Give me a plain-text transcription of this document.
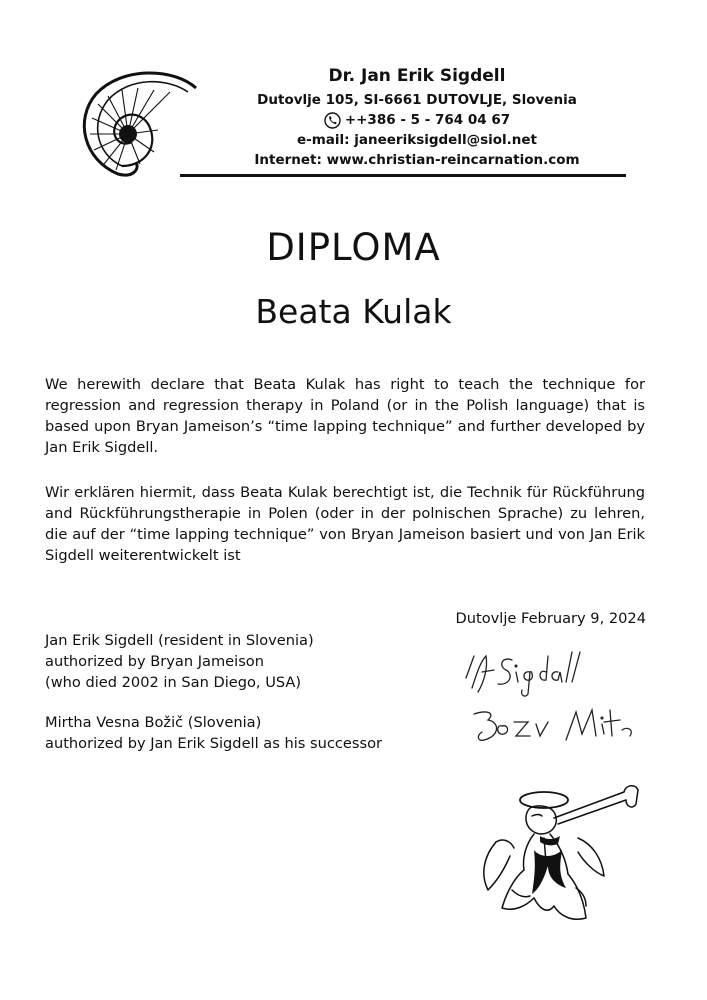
Dr. Jan Erik Sigdell
Dutovlje 105, SI-6661 DUTOVLJE, Slovenia
++386 - 5 - 764 04 67
e-mail: janeeriksigdell@siol.net
Internet: www.christian-reincarnation.com
DIPLOMA
Beata Kulak
We herewith declare that Beata Kulak has right to teach the technique for regression and regression therapy in Poland (or in the Polish language) that is based upon Bryan Jameison’s “time lapping technique” and further developed by Jan Erik Sigdell.
Wir erklären hiermit, dass Beata Kulak berechtigt ist, die Technik für Rückführung and Rückführungstherapie in Polen (oder in der polnischen Sprache) zu lehren, die auf der “time lapping technique” von Bryan Jameison basiert und von Jan Erik Sigdell weiterentwickelt ist
Dutovlje February 9, 2024
Jan Erik Sigdell (resident in Slovenia)
authorized by Bryan Jameison
(who died 2002 in San Diego, USA)
Mirtha Vesna Božič (Slovenia)
authorized by Jan Erik Sigdell as his successor
